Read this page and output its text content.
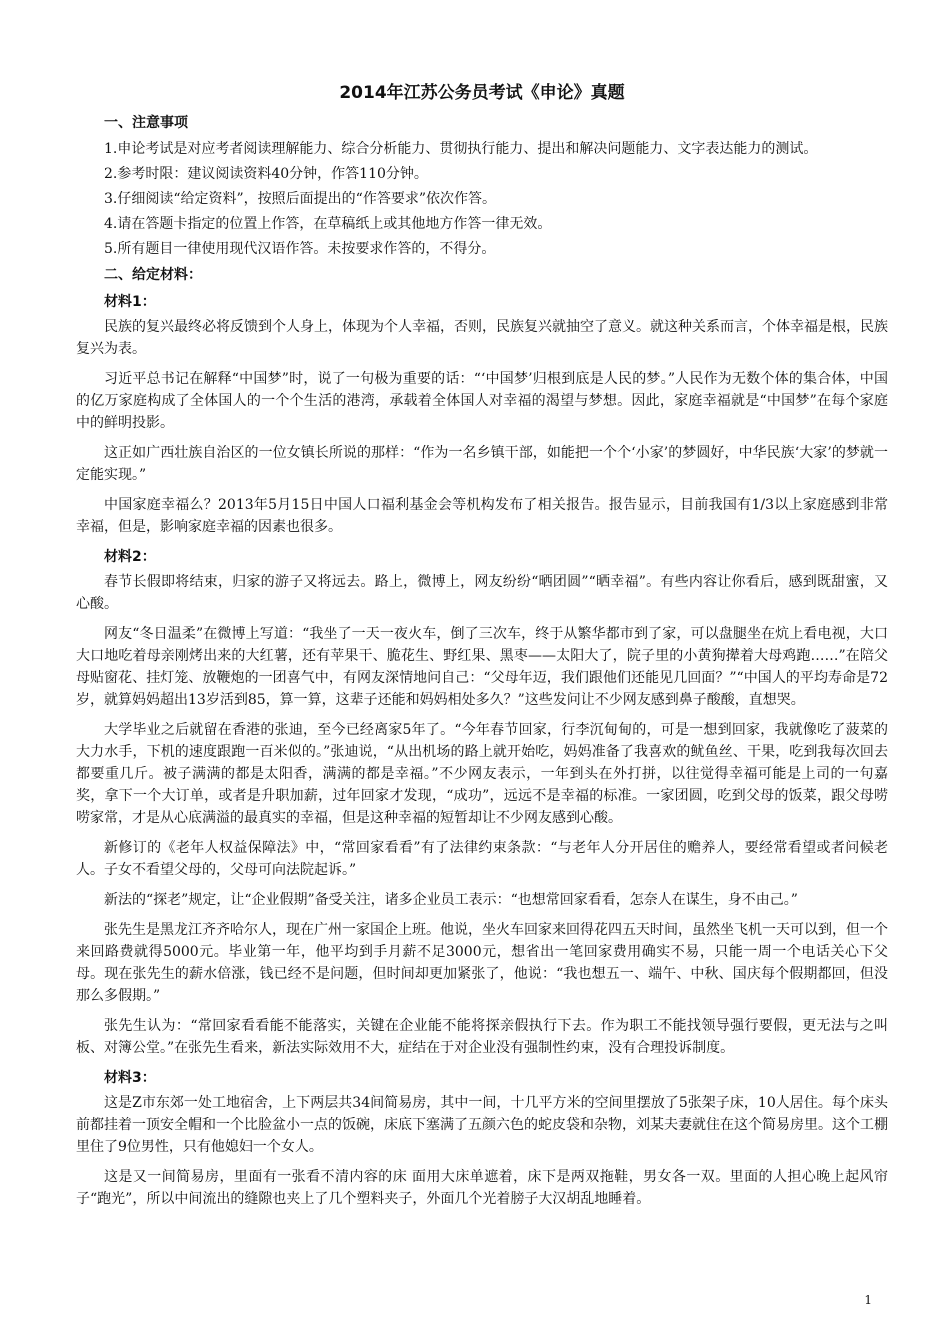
2014年江苏公务员考试《申论》真题
一、注意事项
1.申论考试是对应考者阅读理解能力、综合分析能力、贯彻执行能力、提出和解决问题能力、文字表达能力的测试。
2.参考时限：建议阅读资料40分钟，作答110分钟。
3.仔细阅读“给定资料”，按照后面提出的“作答要求”依次作答。
4.请在答题卡指定的位置上作答，在草稿纸上或其他地方作答一律无效。
5.所有题目一律使用现代汉语作答。未按要求作答的，不得分。
二、给定材料：
材料1：

民族的复兴最终必将反馈到个人身上，体现为个人幸福，否则，民族复兴就抽空了意义。就这种关系而言，个体幸福是根，民族复兴为表。

习近平总书记在解释“中国梦”时，说了一句极为重要的话：“‘中国梦’归根到底是人民的梦。”人民作为无数个体的集合体，中国的亿万家庭构成了全体国人的一个个生活的港湾，承载着全体国人对幸福的渴望与梦想。因此，家庭幸福就是“中国梦”在每个家庭中的鲜明投影。

这正如广西壮族自治区的一位女镇长所说的那样：“作为一名乡镇干部，如能把一个个‘小家’的梦圆好，中华民族‘大家’的梦就一定能实现。”

中国家庭幸福么？2013年5月15日中国人口福利基金会等机构发布了相关报告。报告显示，目前我国有1/3以上家庭感到非常幸福，但是，影响家庭幸福的因素也很多。

材料2：

春节长假即将结束，归家的游子又将远去。路上，微博上，网友纷纷“晒团圆”“晒幸福”。有些内容让你看后，感到既甜蜜，又心酸。

网友“冬日温柔”在微博上写道：“我坐了一天一夜火车，倒了三次车，终于从繁华都市到了家，可以盘腿坐在炕上看电视，大口大口地吃着母亲刚烤出来的大红薯，还有苹果干、脆花生、野红果、黑枣——太阳大了，院子里的小黄狗撵着大母鸡跑……”在陪父母贴窗花、挂灯笼、放鞭炮的一团喜气中，有网友深情地问自己：“父母年迈，我们跟他们还能见几回面？”“中国人的平均寿命是72岁，就算妈妈超出13岁活到85，算一算，这辈子还能和妈妈相处多久？”这些发问让不少网友感到鼻子酸酸，直想哭。

大学毕业之后就留在香港的张迪，至今已经离家5年了。“今年春节回家，行李沉甸甸的，可是一想到回家，我就像吃了菠菜的大力水手，下机的速度跟跑一百米似的。”张迪说，“从出机场的路上就开始吃，妈妈准备了我喜欢的鱿鱼丝、干果，吃到我每次回去都要重几斤。被子满满的都是太阳香，满满的都是幸福。”不少网友表示，一年到头在外打拼，以往觉得幸福可能是上司的一句嘉奖，拿下一个大订单，或者是升职加薪，过年回家才发现，“成功”，远远不是幸福的标准。一家团圆，吃到父母的饭菜，跟父母唠唠家常，才是从心底满溢的最真实的幸福，但是这种幸福的短暂却让不少网友感到心酸。

新修订的《老年人权益保障法》中，“常回家看看”有了法律约束条款：“与老年人分开居住的赡养人，要经常看望或者问候老人。子女不看望父母的，父母可向法院起诉。”

新法的“探老”规定，让“企业假期”备受关注，诸多企业员工表示：“也想常回家看看，怎奈人在谋生，身不由己。”

张先生是黑龙江齐齐哈尔人，现在广州一家国企上班。他说，坐火车回家来回得花四五天时间，虽然坐飞机一天可以到，但一个来回路费就得5000元。毕业第一年，他平均到手月薪不足3000元，想省出一笔回家费用确实不易，只能一周一个电话关心下父母。现在张先生的薪水倍涨，钱已经不是问题，但时间却更加紧张了，他说：“我也想五一、端午、中秋、国庆每个假期都回，但没那么多假期。”

张先生认为：“常回家看看能不能落实，关键在企业能不能将探亲假执行下去。作为职工不能找领导强行要假，更无法与之叫板、对簿公堂。”在张先生看来，新法实际效用不大，症结在于对企业没有强制性约束，没有合理投诉制度。

材料3：

这是Z市东郊一处工地宿舍，上下两层共34间简易房，其中一间，十几平方米的空间里摆放了5张架子床，10人居住。每个床头前都挂着一顶安全帽和一个比脸盆小一点的饭碗，床底下塞满了五颜六色的蛇皮袋和杂物，刘某夫妻就住在这个简易房里。这个工棚里住了9位男性，只有他媳妇一个女人。

这是又一间简易房，里面有一张看不清内容的床 面用大床单遮着，床下是两双拖鞋，男女各一双。里面的人担心晚上起风帘子“跑光”，所以中间流出的缝隙也夹上了几个塑料夹子，外面几个光着膀子大汉胡乱地睡着。

1
